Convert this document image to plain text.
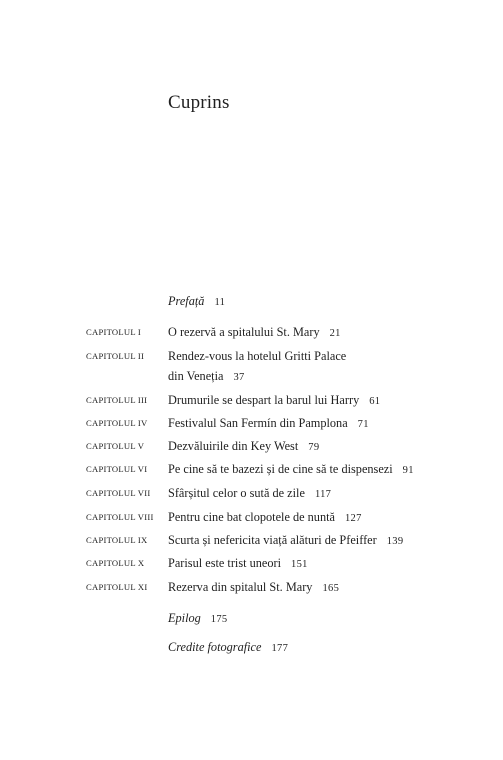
Cuprins
Prefață 11
CAPITOLUL I O rezervă a spitalului St. Mary 21
CAPITOLUL II Rendez-vous la hotelul Gritti Palace
din Veneția 37
CAPITOLUL III Drumurile se despart la barul lui Harry 61
CAPITOLUL IV Festivalul San Fermín din Pamplona 71
CAPITOLUL V Dezvăluirile din Key West 79
CAPITOLUL VI Pe cine să te bazezi și de cine să te dispensezi 91
CAPITOLUL VII Sfârșitul celor o sută de zile 117
CAPITOLUL VIII Pentru cine bat clopotele de nuntă 127
CAPITOLUL IX Scurta și nefericita viață alături de Pfeiffer 139
CAPITOLUL X Parisul este trist uneori 151
CAPITOLUL XI Rezerva din spitalul St. Mary 165
Epilog 175
Credite fotografice 177
